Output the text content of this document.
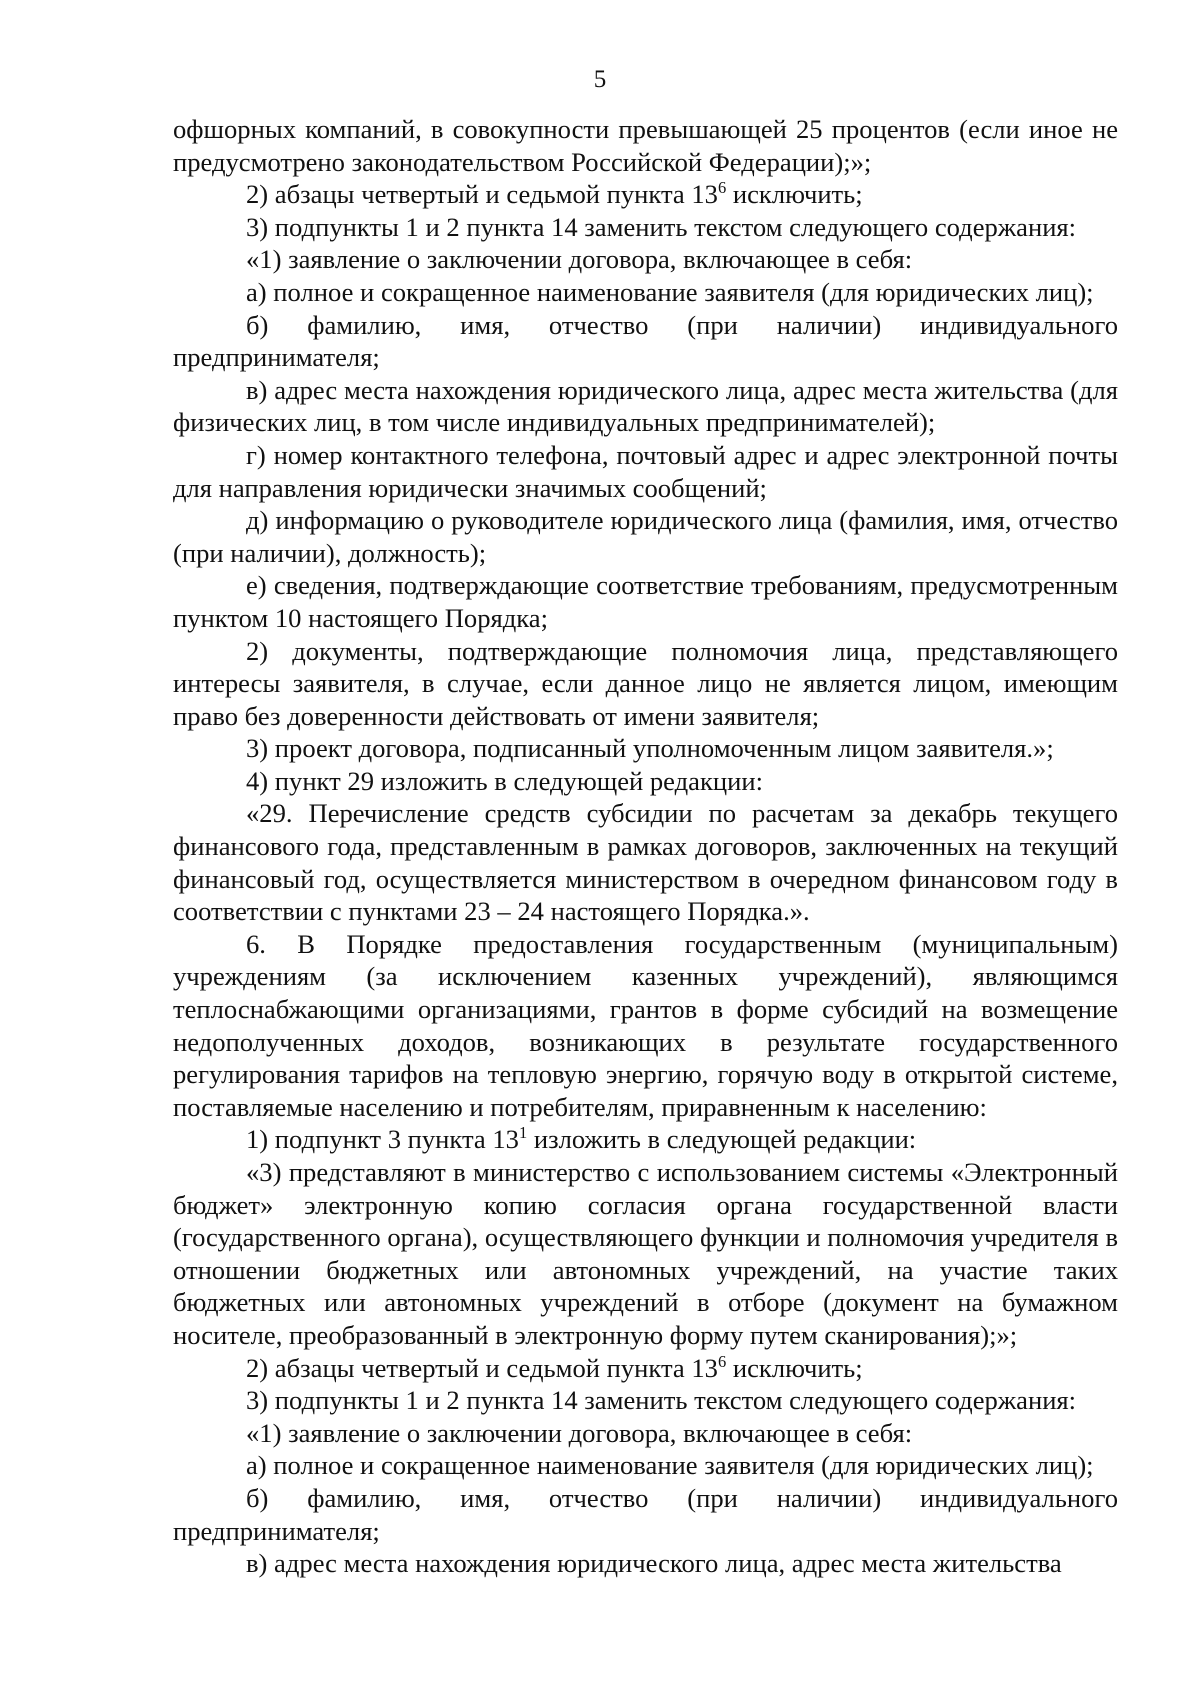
5

офшорных компаний, в совокупности превышающей 25 процентов (если иное не предусмотрено законодательством Российской Федерации);»;

2) абзацы четвертый и седьмой пункта $13^6$ исключить;

3) подпункты 1 и 2 пункта 14 заменить текстом следующего содержания:

«1) заявление о заключении договора, включающее в себя:

а) полное и сокращенное наименование заявителя (для юридических лиц);

б) фамилию, имя, отчество (при наличии) индивидуального предпринимателя;

в) адрес места нахождения юридического лица, адрес места жительства (для физических лиц, в том числе индивидуальных предпринимателей);

г) номер контактного телефона, почтовый адрес и адрес электронной почты для направления юридически значимых сообщений;

д) информацию о руководителе юридического лица (фамилия, имя, отчество (при наличии), должность);

е) сведения, подтверждающие соответствие требованиям, предусмотренным пунктом 10 настоящего Порядка;

2) документы, подтверждающие полномочия лица, представляющего интересы заявителя, в случае, если данное лицо не является лицом, имеющим право без доверенности действовать от имени заявителя;

3) проект договора, подписанный уполномоченным лицом заявителя.»;

4) пункт 29 изложить в следующей редакции:

«29. Перечисление средств субсидии по расчетам за декабрь текущего финансового года, представленным в рамках договоров, заключенных на текущий финансовый год, осуществляется министерством в очередном финансовом году в соответствии с пунктами 23 – 24 настоящего Порядка.».

6. В Порядке предоставления государственным (муниципальным) учреждениям (за исключением казенных учреждений), являющимся теплоснабжающими организациями, грантов в форме субсидий на возмещение недополученных доходов, возникающих в результате государственного регулирования тарифов на тепловую энергию, горячую воду в открытой системе, поставляемые населению и потребителям, приравненным к населению:

1) подпункт 3 пункта $13^1$ изложить в следующей редакции:

«3) представляют в министерство с использованием системы «Электронный бюджет» электронную копию согласия органа государственной власти (государственного органа), осуществляющего функции и полномочия учредителя в отношении бюджетных или автономных учреждений, на участие таких бюджетных или автономных учреждений в отборе (документ на бумажном носителе, преобразованный в электронную форму путем сканирования);»;

2) абзацы четвертый и седьмой пункта $13^6$ исключить;

3) подпункты 1 и 2 пункта 14 заменить текстом следующего содержания:

«1) заявление о заключении договора, включающее в себя:

а) полное и сокращенное наименование заявителя (для юридических лиц);

б) фамилию, имя, отчество (при наличии) индивидуального предпринимателя;

в) адрес места нахождения юридического лица, адрес места жительства
